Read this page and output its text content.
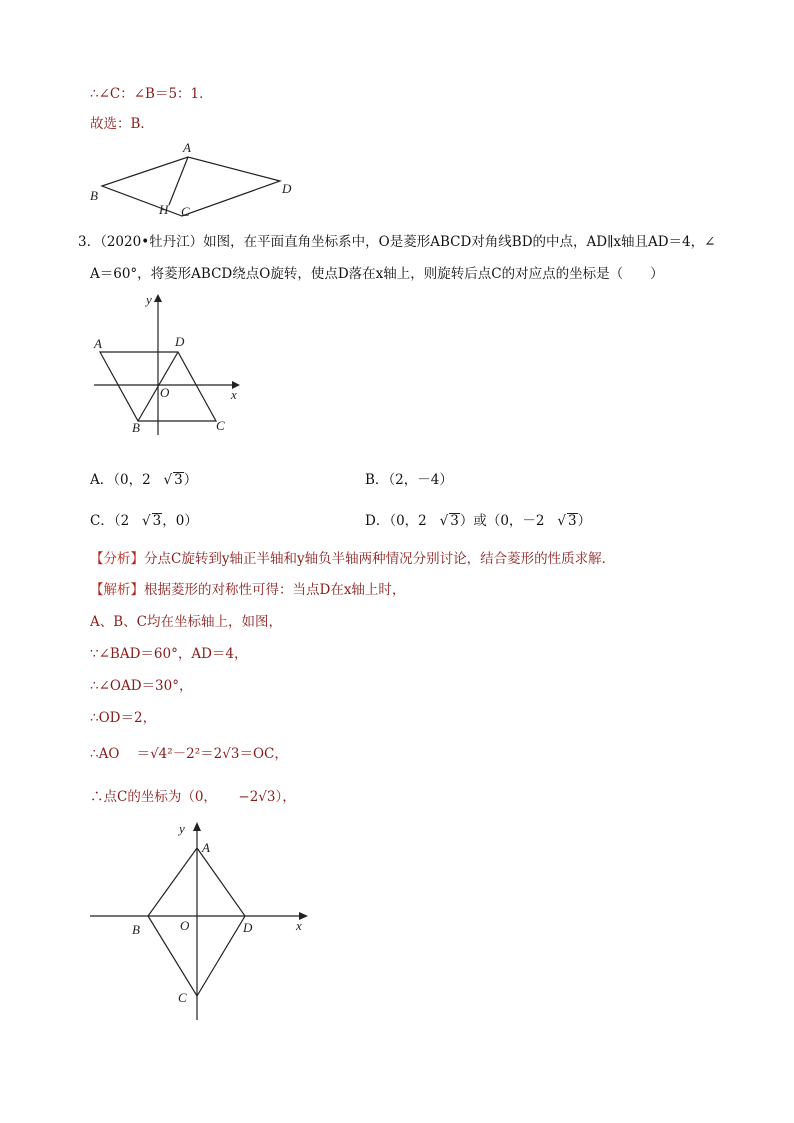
∴∠C：∠B＝5：1．
故选：B．
A
B	D
H C
3．（2020•牡丹江）如图，在平面直角坐标系中，O是菱形ABCD对角线BD的中点，AD∥x轴且AD＝4，∠
A＝60°，将菱形ABCD绕点O旋转，使点D落在x轴上，则旋转后点C的对应点的坐标是（　　）
y
x
A	D
O
B	C
A．（0，2   √ 3）	B．（2，－4）
C．（2   √ 3，0）	D．（0，2   √ 3）或（0，－2   √ 3）
【分析】分点C旋转到y轴正半轴和y轴负半轴两种情况分别讨论，结合菱形的性质求解．
【解析】根据菱形的对称性可得：当点D在x轴上时，
A、B、C均在坐标轴上，如图，
∵∠BAD＝60°，AD＝4，
∴∠OAD＝30°，
∴OD＝2，
∴AO ＝√4²－2²＝2√3＝OC，
∴点C的坐标为（0， −2√3），
y
x
A
B	O	D
C
